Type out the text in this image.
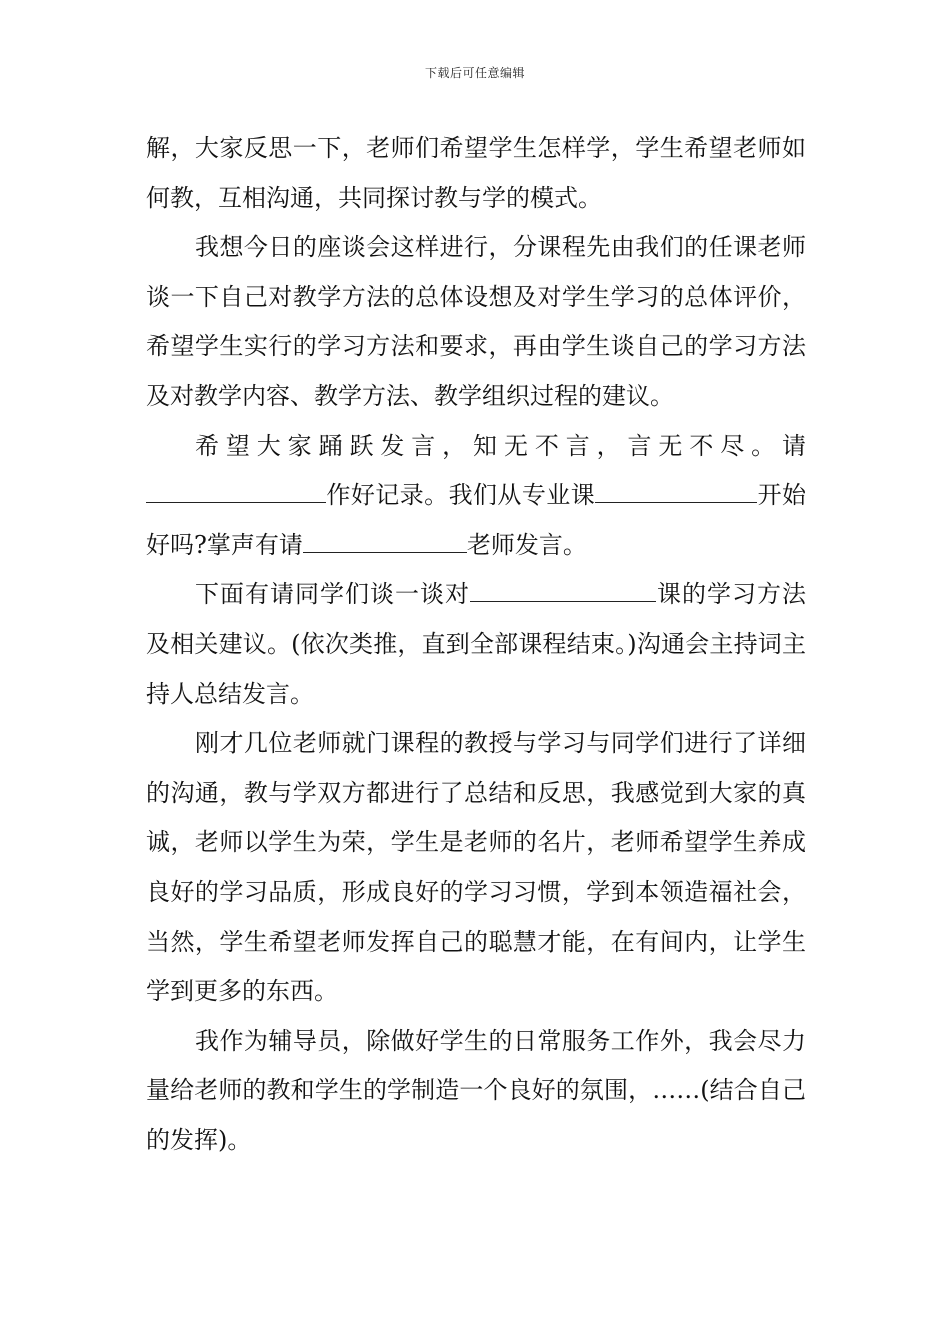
下载后可任意编辑

解，大家反思一下，老师们希望学生怎样学，学生希望老师如何教，互相沟通，共同探讨教与学的模式。

我想今日的座谈会这样进行，分课程先由我们的任课老师谈一下自己对教学方法的总体设想及对学生学习的总体评价，希望学生实行的学习方法和要求，再由学生谈自己的学习方法及对教学内容、教学方法、教学组织过程的建议。

希望大家踊跃发言，知无不言，言无不尽。请作好记录。我们从专业课	开始好吗?掌声有请	老师发言。

下面有请同学们谈一谈对	课的学习方法及相关建议。(依次类推，直到全部课程结束。)沟通会主持词主持人总结发言。

刚才几位老师就门课程的教授与学习与同学们进行了详细的沟通，教与学双方都进行了总结和反思，我感觉到大家的真诚，老师以学生为荣，学生是老师的名片，老师希望学生养成良好的学习品质，形成良好的学习习惯，学到本领造福社会，当然，学生希望老师发挥自己的聪慧才能，在有间内，让学生学到更多的东西。

我作为辅导员，除做好学生的日常服务工作外，我会尽力量给老师的教和学生的学制造一个良好的氛围，……(结合自己的发挥)。
